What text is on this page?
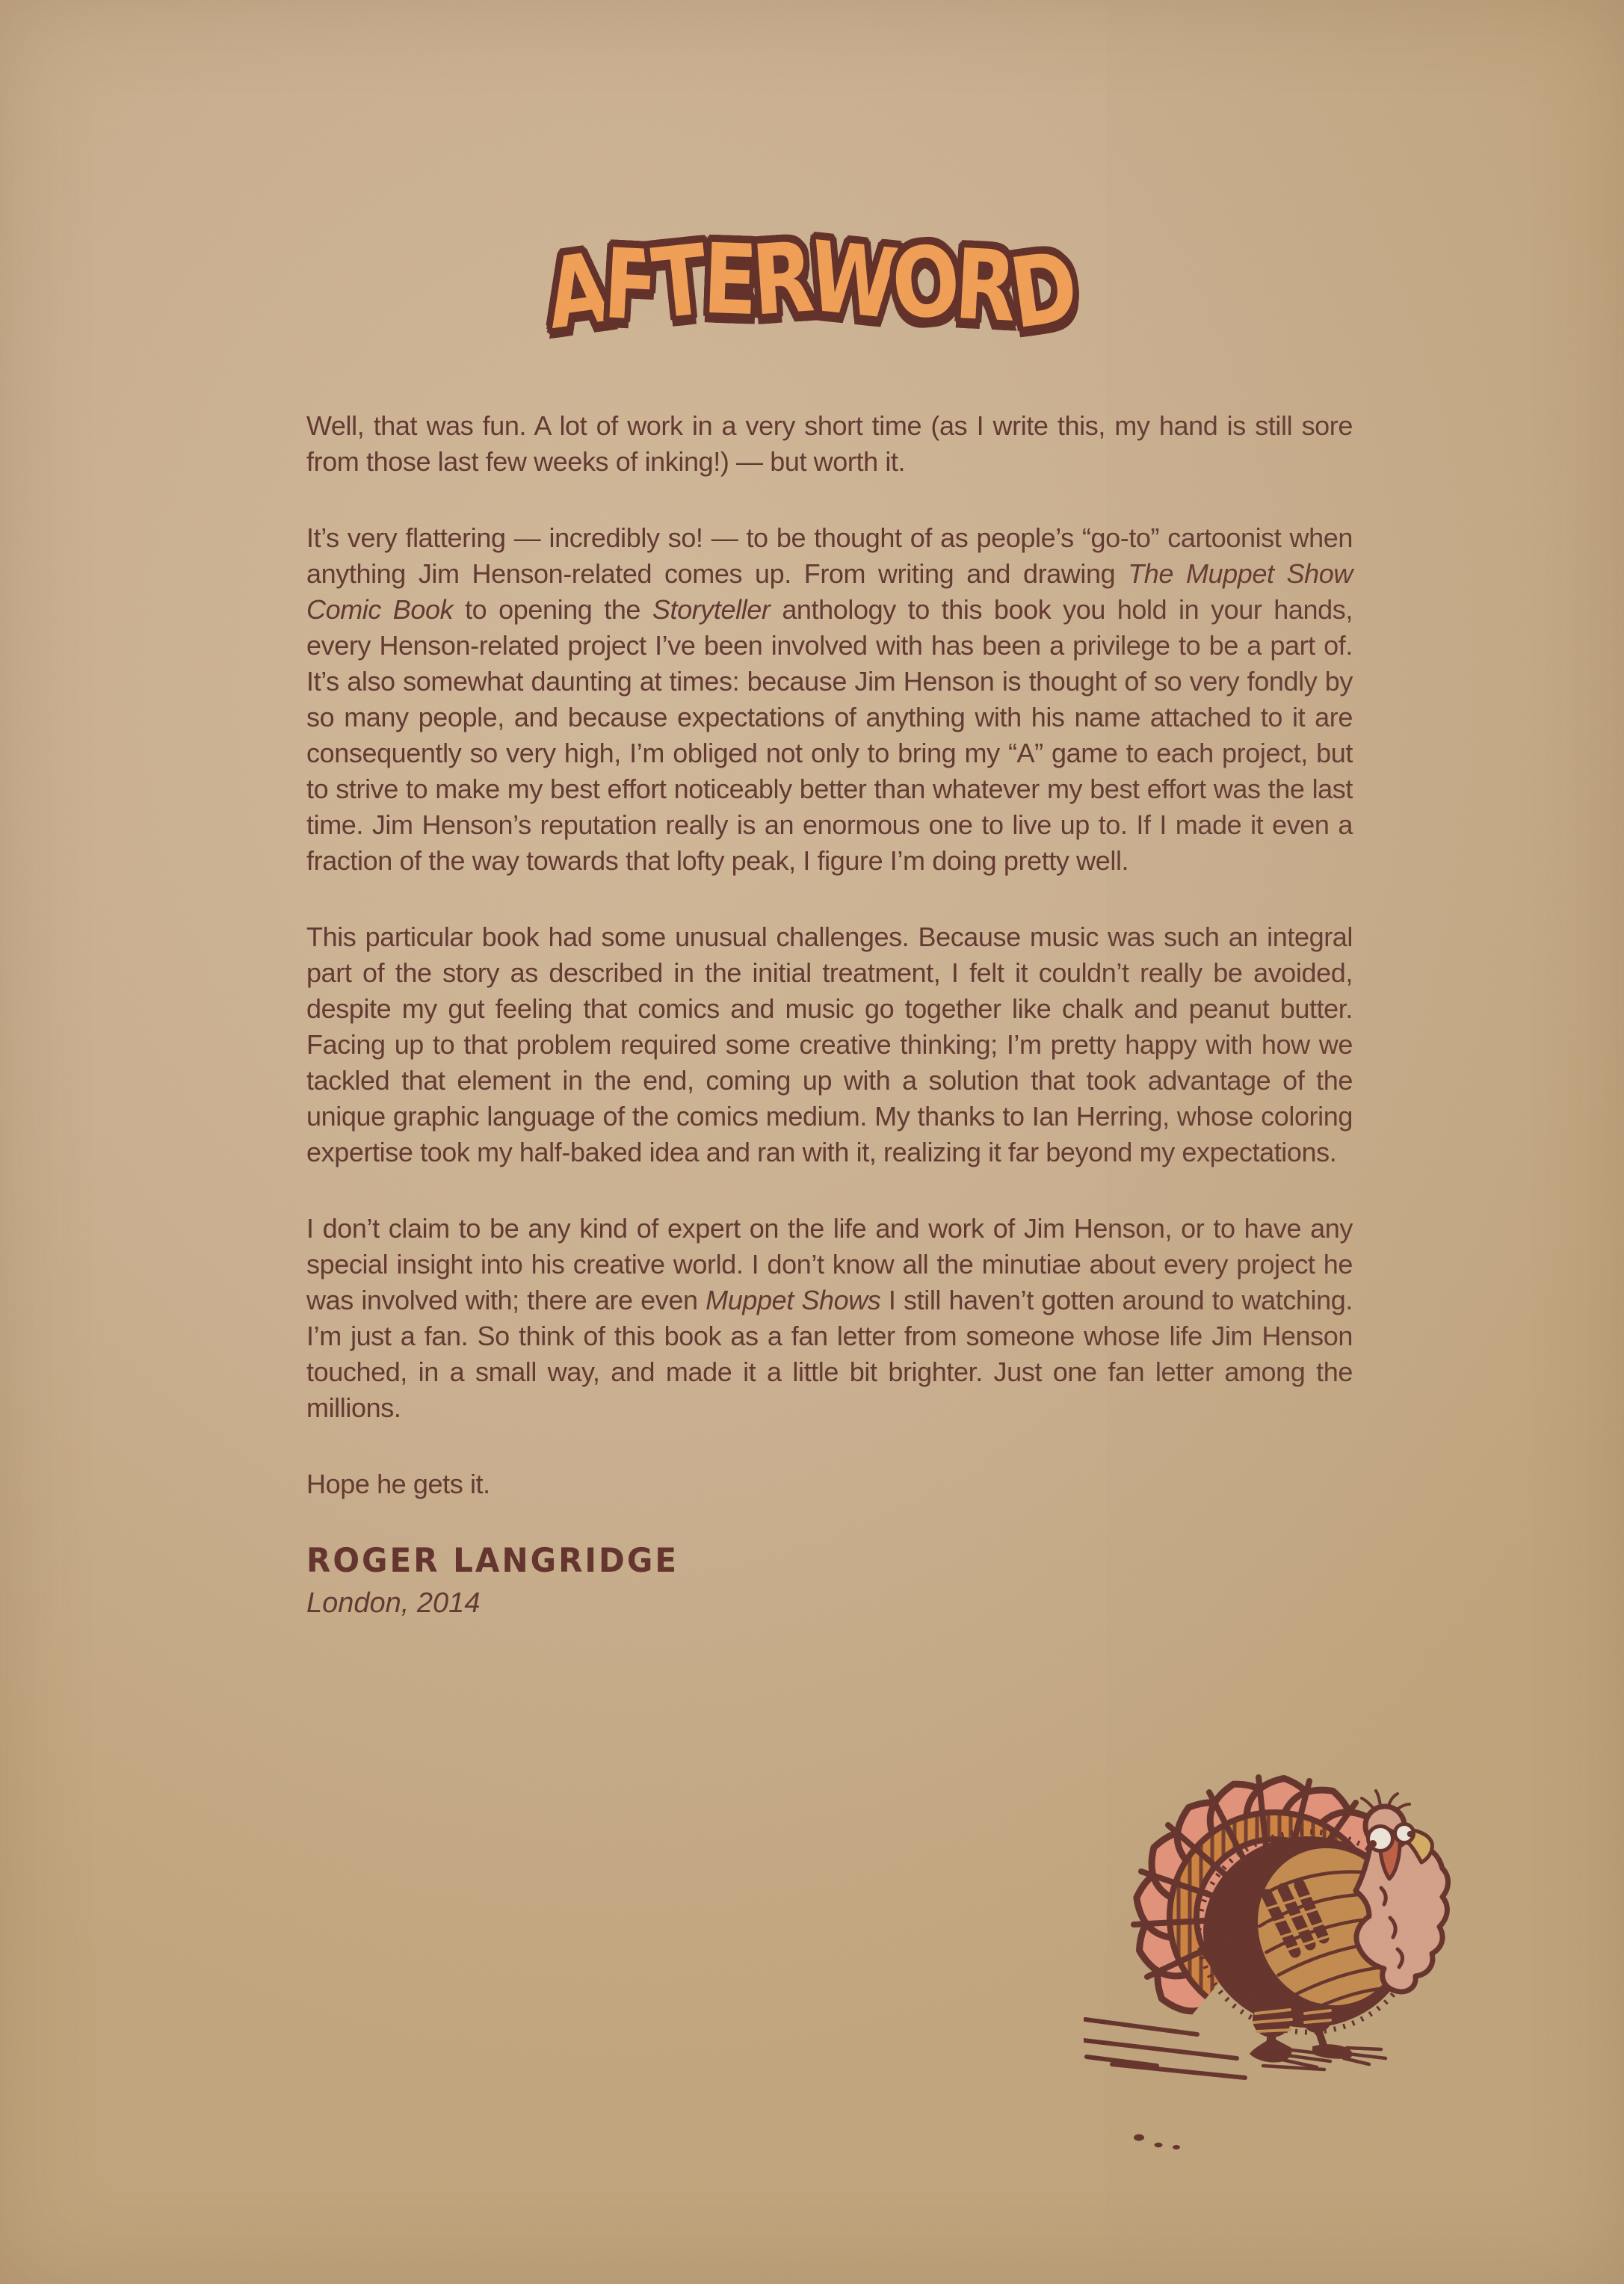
AFTERWORD

Well, that was fun. A lot of work in a very short time (as I write this, my hand is still sore from those last few weeks of inking!) — but worth it.

It’s very flattering — incredibly so! — to be thought of as people’s “go-to” cartoonist when anything Jim Henson-related comes up. From writing and drawing The Muppet Show Comic Book to opening the Storyteller anthology to this book you hold in your hands, every Henson-related project I’ve been involved with has been a privilege to be a part of. It’s also somewhat daunting at times: because Jim Henson is thought of so very fondly by so many people, and because expectations of anything with his name attached to it are consequently so very high, I’m obliged not only to bring my “A” game to each project, but to strive to make my best effort noticeably better than whatever my best effort was the last time. Jim Henson’s reputation really is an enormous one to live up to. If I made it even a fraction of the way towards that lofty peak, I figure I’m doing pretty well.

This particular book had some unusual challenges. Because music was such an integral part of the story as described in the initial treatment, I felt it couldn’t really be avoided, despite my gut feeling that comics and music go together like chalk and peanut butter. Facing up to that problem required some creative thinking; I’m pretty happy with how we tackled that element in the end, coming up with a solution that took advantage of the unique graphic language of the comics medium. My thanks to Ian Herring, whose coloring expertise took my half-baked idea and ran with it, realizing it far beyond my expectations.

I don’t claim to be any kind of expert on the life and work of Jim Henson, or to have any special insight into his creative world. I don’t know all the minutiae about every project he was involved with; there are even Muppet Shows I still haven’t gotten around to watching. I’m just a fan. So think of this book as a fan letter from someone whose life Jim Henson touched, in a small way, and made it a little bit brighter. Just one fan letter among the millions.

Hope he gets it.

ROGER LANGRIDGE
London, 2014
